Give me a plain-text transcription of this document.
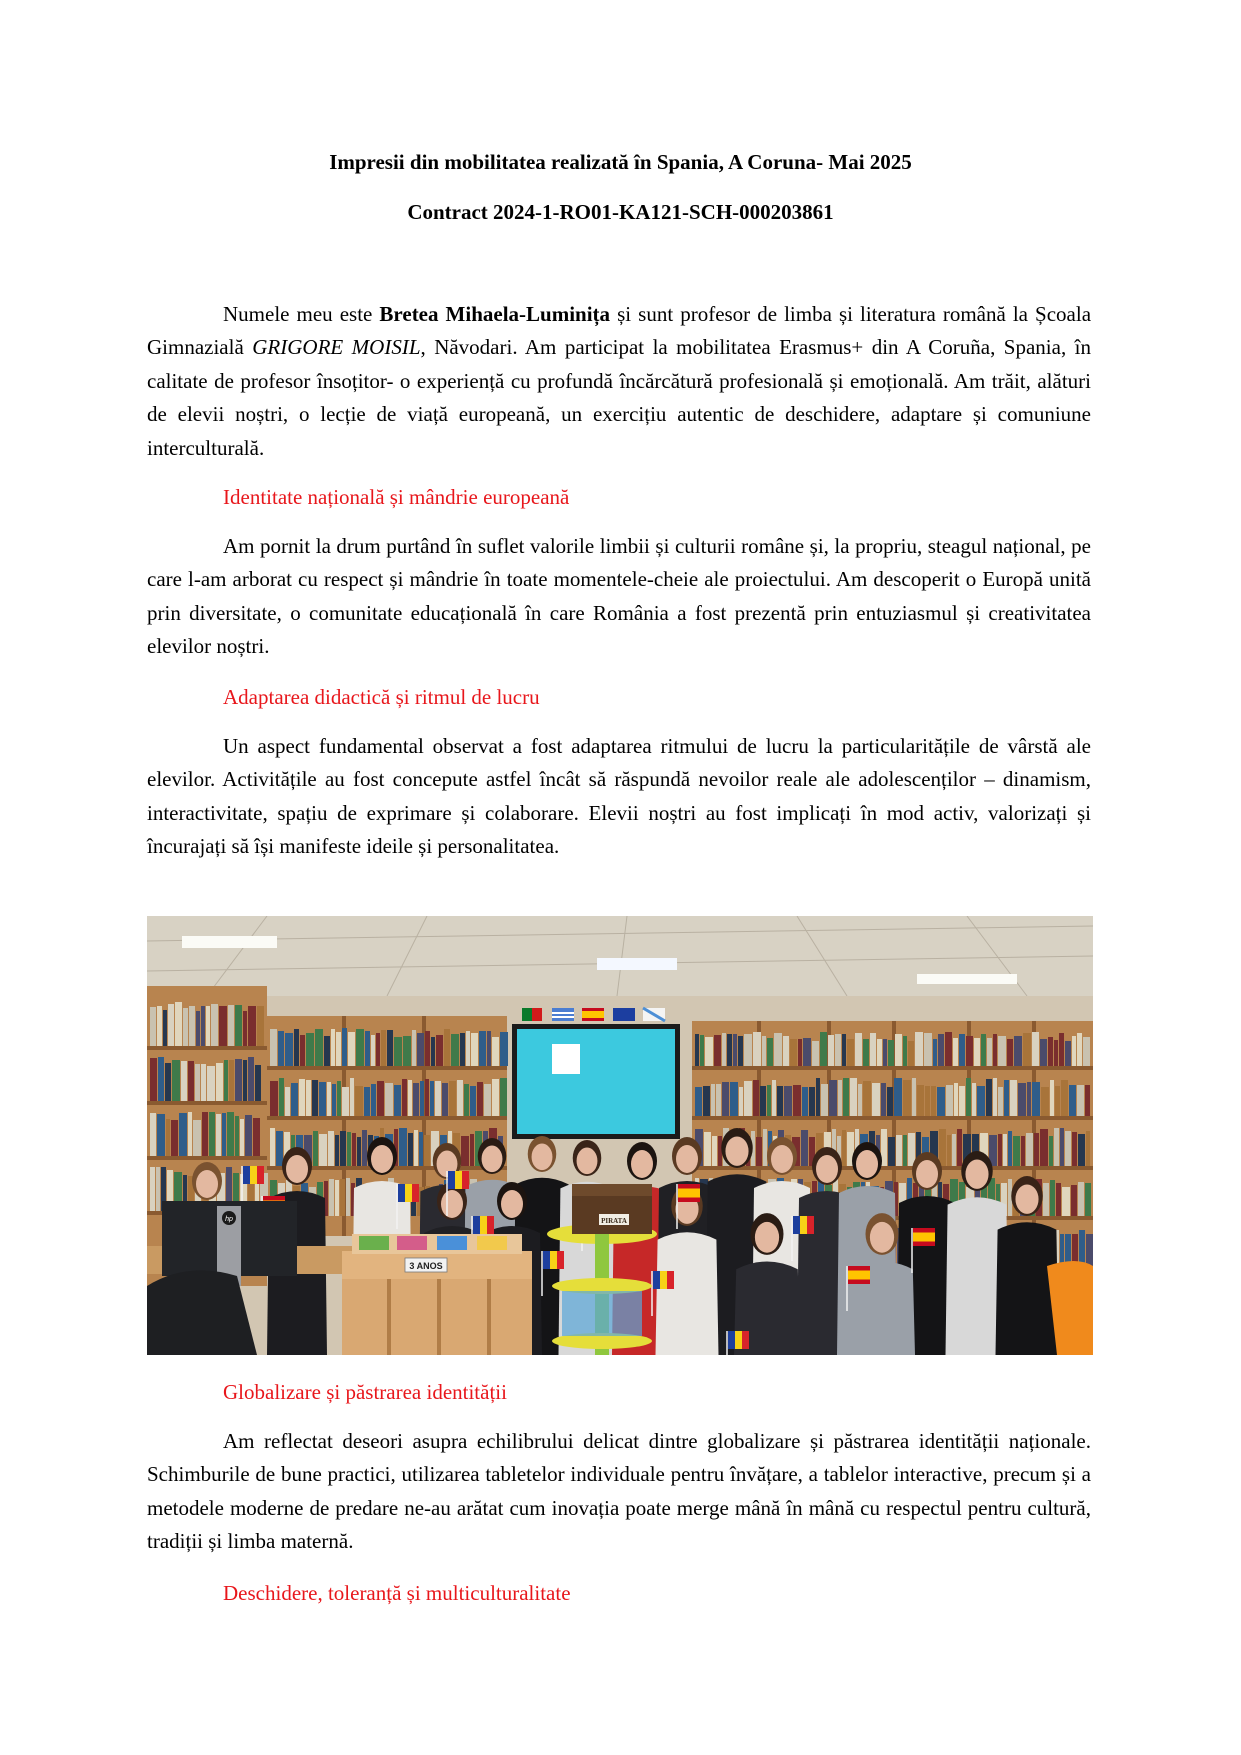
Impresii din mobilitatea realizată în Spania, A Coruna- Mai 2025
Contract 2024-1-RO01-KA121-SCH-000203861

Numele meu este Bretea Mihaela-Luminița și sunt profesor de limba și literatura română la Școala Gimnazială GRIGORE MOISIL, Năvodari. Am participat la mobilitatea Erasmus+ din A Coruña, Spania, în calitate de profesor însoțitor- o experiență cu profundă încărcătură profesională și emoțională. Am trăit, alături de elevii noștri, o lecție de viață europeană, un exercițiu autentic de deschidere, adaptare și comuniune interculturală.

Identitate națională și mândrie europeană

Am pornit la drum purtând în suflet valorile limbii și culturii române și, la propriu, steagul național, pe care l-am arborat cu respect și mândrie în toate momentele-cheie ale proiectului. Am descoperit o Europă unită prin diversitate, o comunitate educațională în care România a fost prezentă prin entuziasmul și creativitatea elevilor noștri.

Adaptarea didactică și ritmul de lucru

Un aspect fundamental observat a fost adaptarea ritmului de lucru la particularitățile de vârstă ale elevilor. Activitățile au fost concepute astfel încât să răspundă nevoilor reale ale adolescenților – dinamism, interactivitate, spațiu de exprimare și colaborare. Elevii noștri au fost implicați în mod activ, valorizați și încurajați să își manifeste ideile și personalitatea.

hp
3 ANOS
PIRATA
Globalizare și păstrarea identității

Am reflectat deseori asupra echilibrului delicat dintre globalizare și păstrarea identității naționale. Schimburile de bune practici, utilizarea tabletelor individuale pentru învățare, a tablelor interactive, precum și a metodele moderne de predare ne-au arătat cum inovația poate merge mână în mână cu respectul pentru cultură, tradiții și limba maternă.

Deschidere, toleranță și multiculturalitate
